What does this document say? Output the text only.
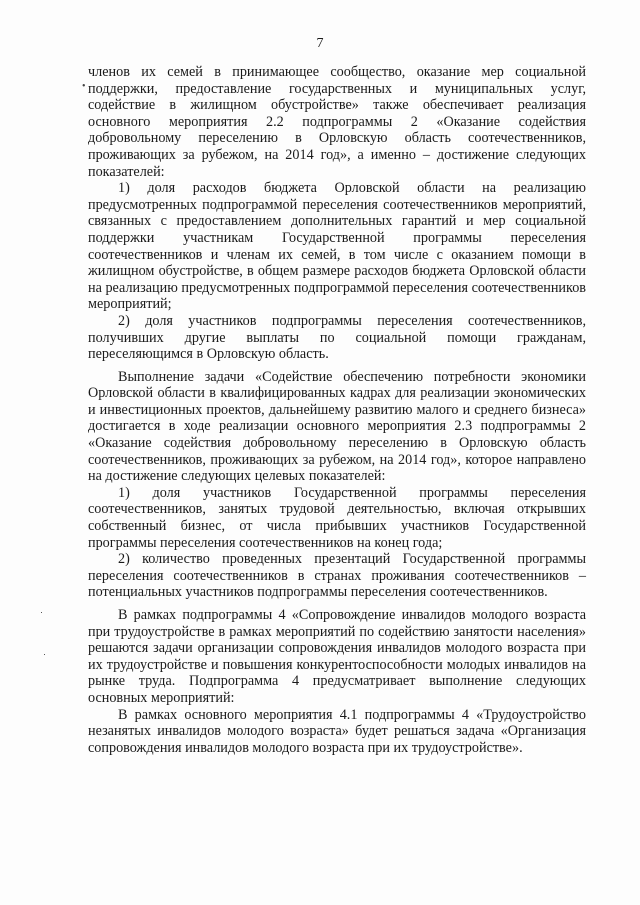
7
•

членов их семей в принимающее сообщество, оказание мер социальной поддержки, предоставление государственных и муниципальных услуг, содействие в жилищном обустройстве» также обеспечивает реализация основного мероприятия 2.2 подпрограммы 2 «Оказание содействия добровольному переселению в Орловскую область соотечественников, проживающих за рубежом, на 2014 год», а именно – достижение следующих показателей:

1) доля расходов бюджета Орловской области на реализацию предусмотренных подпрограммой переселения соотечественников мероприятий, связанных с предоставлением дополнительных гарантий и мер социальной поддержки участникам Государственной программы переселения соотечественников и членам их семей, в том числе с оказанием помощи в жилищном обустройстве, в общем размере расходов бюджета Орловской области на реализацию предусмотренных подпрограммой переселения соотечественников мероприятий;

2) доля участников подпрограммы переселения соотечественников, получивших другие выплаты по социальной помощи гражданам, переселяющимся в Орловскую область.

Выполнение задачи «Содействие обеспечению потребности экономики Орловской области в квалифицированных кадрах для реализации экономических и инвестиционных проектов, дальнейшему развитию малого и среднего бизнеса» достигается в ходе реализации основного мероприятия 2.3 подпрограммы 2 «Оказание содействия добровольному переселению в Орловскую область соотечественников, проживающих за рубежом, на 2014 год», которое направлено на достижение следующих целевых показателей:

1) доля участников Государственной программы переселения соотечественников, занятых трудовой деятельностью, включая открывших собственный бизнес, от числа прибывших участников Государственной программы переселения соотечественников на конец года;

2) количество проведенных презентаций Государственной программы переселения соотечественников в странах проживания соотечественников – потенциальных участников подпрограммы переселения соотечественников.

В рамках подпрограммы 4 «Сопровождение инвалидов молодого возраста при трудоустройстве в рамках мероприятий по содействию занятости населения» решаются задачи организации сопровождения инвалидов молодого возраста при их трудоустройстве и повышения конкурентоспособности молодых инвалидов на рынке труда. Подпрограмма 4 предусматривает выполнение следующих основных мероприятий:

В рамках основного мероприятия 4.1 подпрограммы 4 «Трудоустройство незанятых инвалидов молодого возраста» будет решаться задача «Организация сопровождения инвалидов молодого возраста при их трудоустройстве».
